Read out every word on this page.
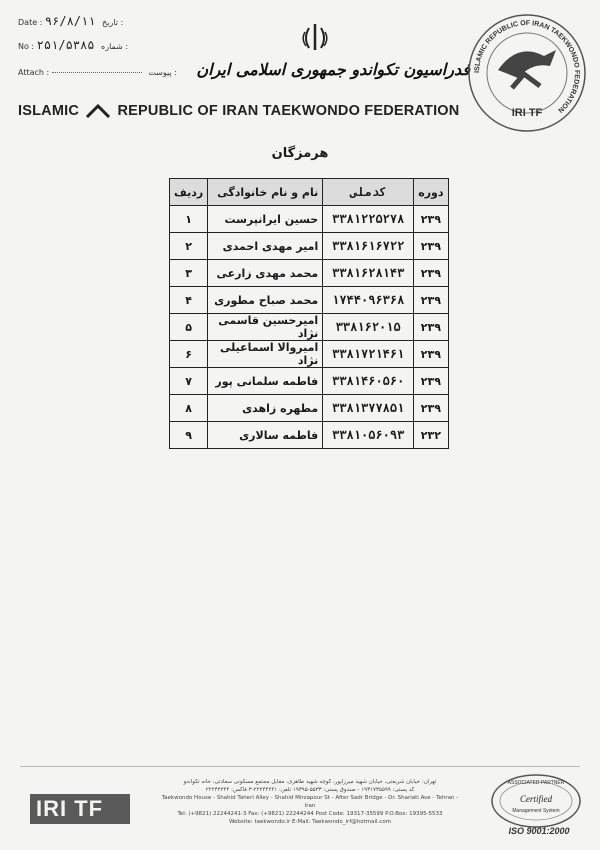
Date : ۹۶/۸/۱۱ تاریخ :
No : ۲۵۱/۵۳۸۵ شماره :
Attach :	پیوست :	فدراسیون تکواندو جمهوری اسلامی ایران
ISLAMIC	REPUBLIC OF IRAN TAEKWONDO FEDERATION
ISLAMIC REPUBLIC OF IRAN TAEKWONDO FEDERATION
IRI TF
هرمزگان
دوره	کدملی	نام و نام خانوادگی	ردیف
۲۳۹	۳۳۸۱۲۲۵۲۷۸	حسین ایرانپرست	۱
۲۳۹	۳۳۸۱۶۱۶۷۲۲	امیر مهدی احمدی	۲
۲۳۹	۳۳۸۱۶۲۸۱۴۳	محمد مهدی زارعی	۳
۲۳۹	۱۷۴۴۰۹۶۳۶۸	محمد صباح مطوری	۴
۲۳۹	۳۳۸۱۶۲۰۱۵	امیرحسین قاسمی نژاد	۵
۲۳۹	۳۳۸۱۷۲۱۴۶۱	امیروالا اسماعیلی نژاد	۶
۲۳۹	۳۳۸۱۴۶۰۵۶۰	فاطمه سلمانی پور	۷
۲۳۹	۳۳۸۱۳۷۷۸۵۱	مطهره زاهدی	۸
۲۳۲	۳۳۸۱۰۵۶۰۹۳	فاطمه سالاری	۹
IRI TF
تهران: خیابان شریعتی، خیابان شهید میرزاپور، کوچه شهید طاهری، مقابل مجتمع مسکونی سعادتی، خانه تکواندو
کد پستی: ۱۹۳۱۷۳۵۵۹۹ - صندوق پستی: ۵۵۳۳-۱۹۳۹۵ تلفن: ۲۲۲۴۴۲۴۱-۳ فاکس: ۲۲۲۴۴۲۴۴
Taekwondo House - Shahid Taheri Alley - Shahid Mirzapour St - After Sadr Bridge - Dr. Shariati Ave - Tehran - Iran
Tel: (+9821) 22244241-3 Fax: (+9821) 22244244 Post Code: 19317-35599 P.O.Box: 19395-5533
Website: taekwondo.ir E-Mail: Taekwondo_irf@hotmail.com
ASSOCIATED PARTNER
Certified
Management System
ISO 9001:2000
